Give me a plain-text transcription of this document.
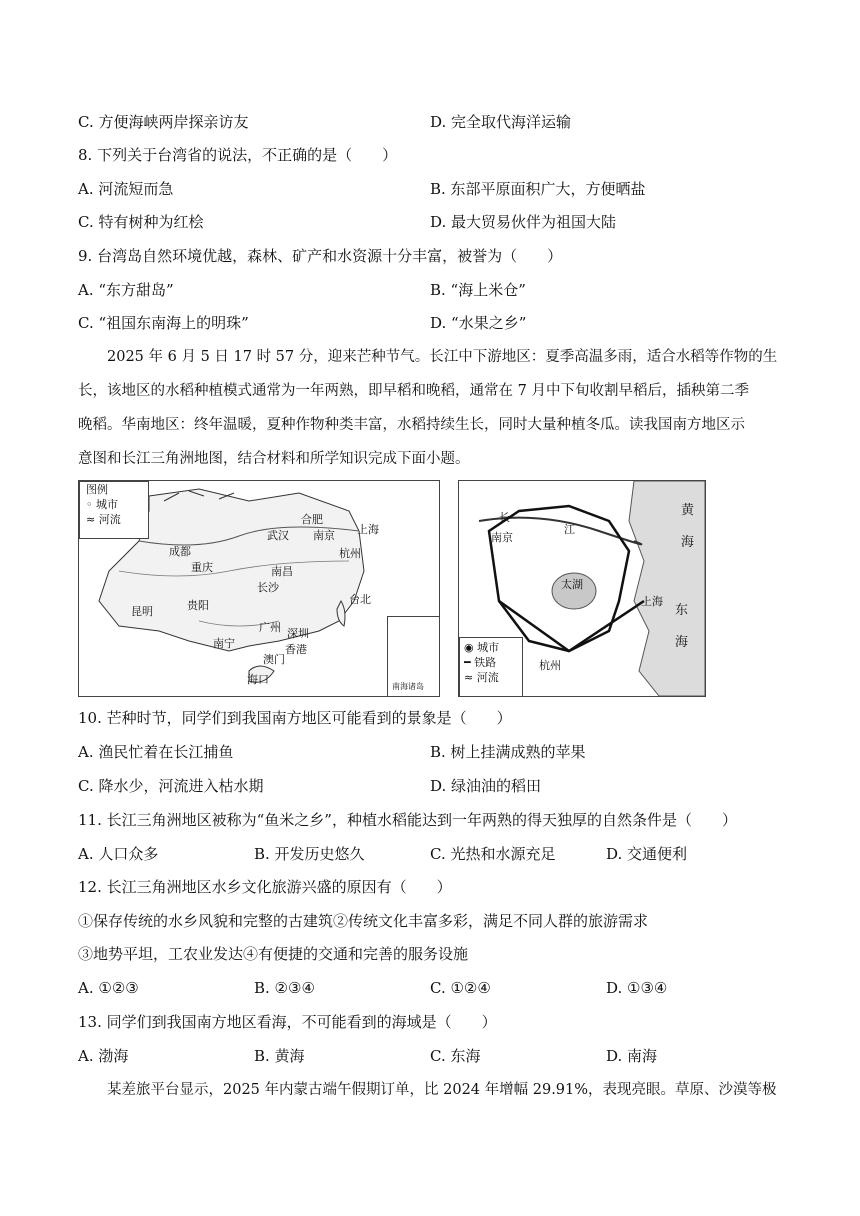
C. 方便海峡两岸探亲访友	D. 完全取代海洋运输
8. 下列关于台湾省的说法，不正确的是（　　）
A. 河流短而急	B. 东部平原面积广大，方便晒盐
C. 特有树种为红桧	D. 最大贸易伙伴为祖国大陆
9. 台湾岛自然环境优越，森林、矿产和水资源十分丰富，被誉为（　　）
A. “东方甜岛”	B. “海上米仓”
C. “祖国东南海上的明珠”	D. “水果之乡”
　　2025 年 6 月 5 日 17 时 57 分，迎来芒种节气。长江中下游地区：夏季高温多雨，适合水稻等作物的生
长，该地区的水稻种植模式通常为一年两熟，即早稻和晚稻，通常在 7 月中下旬收割早稻后，插秧第二季
晚稻。华南地区：终年温暖，夏种作物种类丰富，水稻持续生长，同时大量种植冬瓜。读我国南方地区示
意图和长江三角洲地图，结合材料和所学知识完成下面小题。
图例
◦ 城市
≈ 河流	合肥
上海
武汉 南京
杭州
成都
重庆	南昌
长沙
贵阳
昆明
台北
广州 深圳
南宁
澳门
香港
海口
南海诸岛
长
南京
江
太湖
上海
杭州
黄
海
东
海
◉ 城市
━ 铁路
≈ 河流
10. 芒种时节，同学们到我国南方地区可能看到的景象是（　　）
A. 渔民忙着在长江捕鱼	B. 树上挂满成熟的苹果
C. 降水少，河流进入枯水期	D. 绿油油的稻田
11. 长江三角洲地区被称为“鱼米之乡”，种植水稻能达到一年两熟的得天独厚的自然条件是（　　）
A. 人口众多	B. 开发历史悠久	C. 光热和水源充足	D. 交通便利
12. 长江三角洲地区水乡文化旅游兴盛的原因有（　　）
①保存传统的水乡风貌和完整的古建筑②传统文化丰富多彩，满足不同人群的旅游需求
③地势平坦，工农业发达④有便捷的交通和完善的服务设施
A. ①②③	B. ②③④	C. ①②④	D. ①③④
13. 同学们到我国南方地区看海，不可能看到的海域是（　　）
A. 渤海	B. 黄海	C. 东海	D. 南海
　　某差旅平台显示，2025 年内蒙古端午假期订单，比 2024 年增幅 29.91%，表现亮眼。草原、沙漠等极
